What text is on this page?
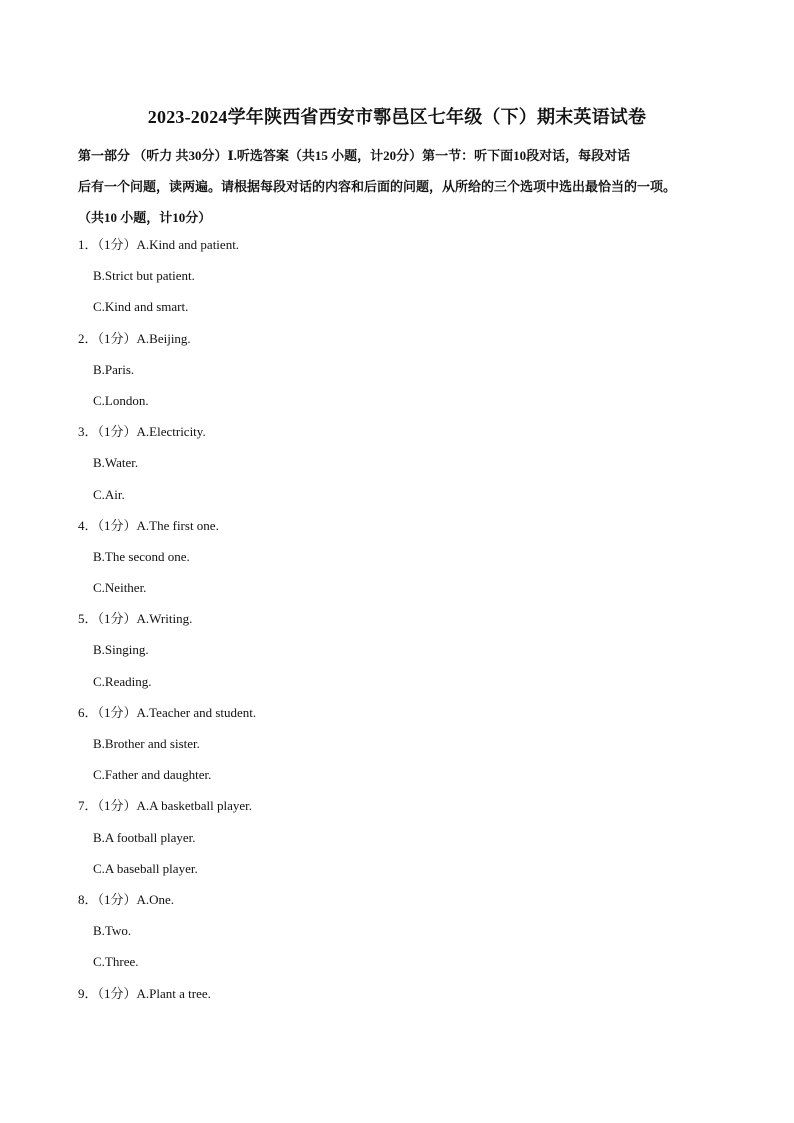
2023-2024学年陕西省西安市鄠邑区七年级（下）期末英语试卷
第一部分 （听力 共30分）Ⅰ.听选答案（共15 小题，计20分）第一节：听下面10段对话，每段对话
后有一个问题，读两遍。请根据每段对话的内容和后面的问题，从所给的三个选项中选出最恰当的一项。
（共10 小题，计10分）
1．（1分）A.Kind and patient.
B.Strict but patient.
C.Kind and smart.
2．（1分）A.Beijing.
B.Paris.
C.London.
3．（1分）A.Electricity.
B.Water.
C.Air.
4．（1分）A.The first one.
B.The second one.
C.Neither.
5．（1分）A.Writing.
B.Singing.
C.Reading.
6．（1分）A.Teacher and student.
B.Brother and sister.
C.Father and daughter.
7．（1分）A.A basketball player.
B.A football player.
C.A baseball player.
8．（1分）A.One.
B.Two.
C.Three.
9．（1分）A.Plant a tree.
